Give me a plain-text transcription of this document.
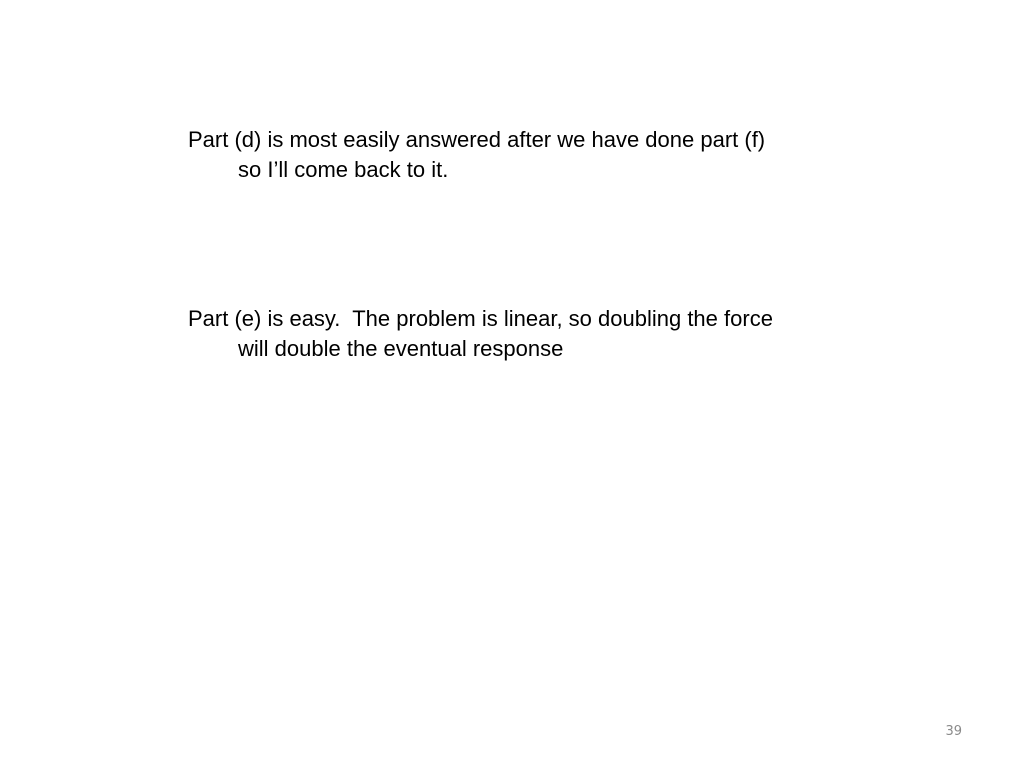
Part (d) is most easily answered after we have done part (f)
so I’ll come back to it.

Part (e) is easy.  The problem is linear, so doubling the force
will double the eventual response

39
